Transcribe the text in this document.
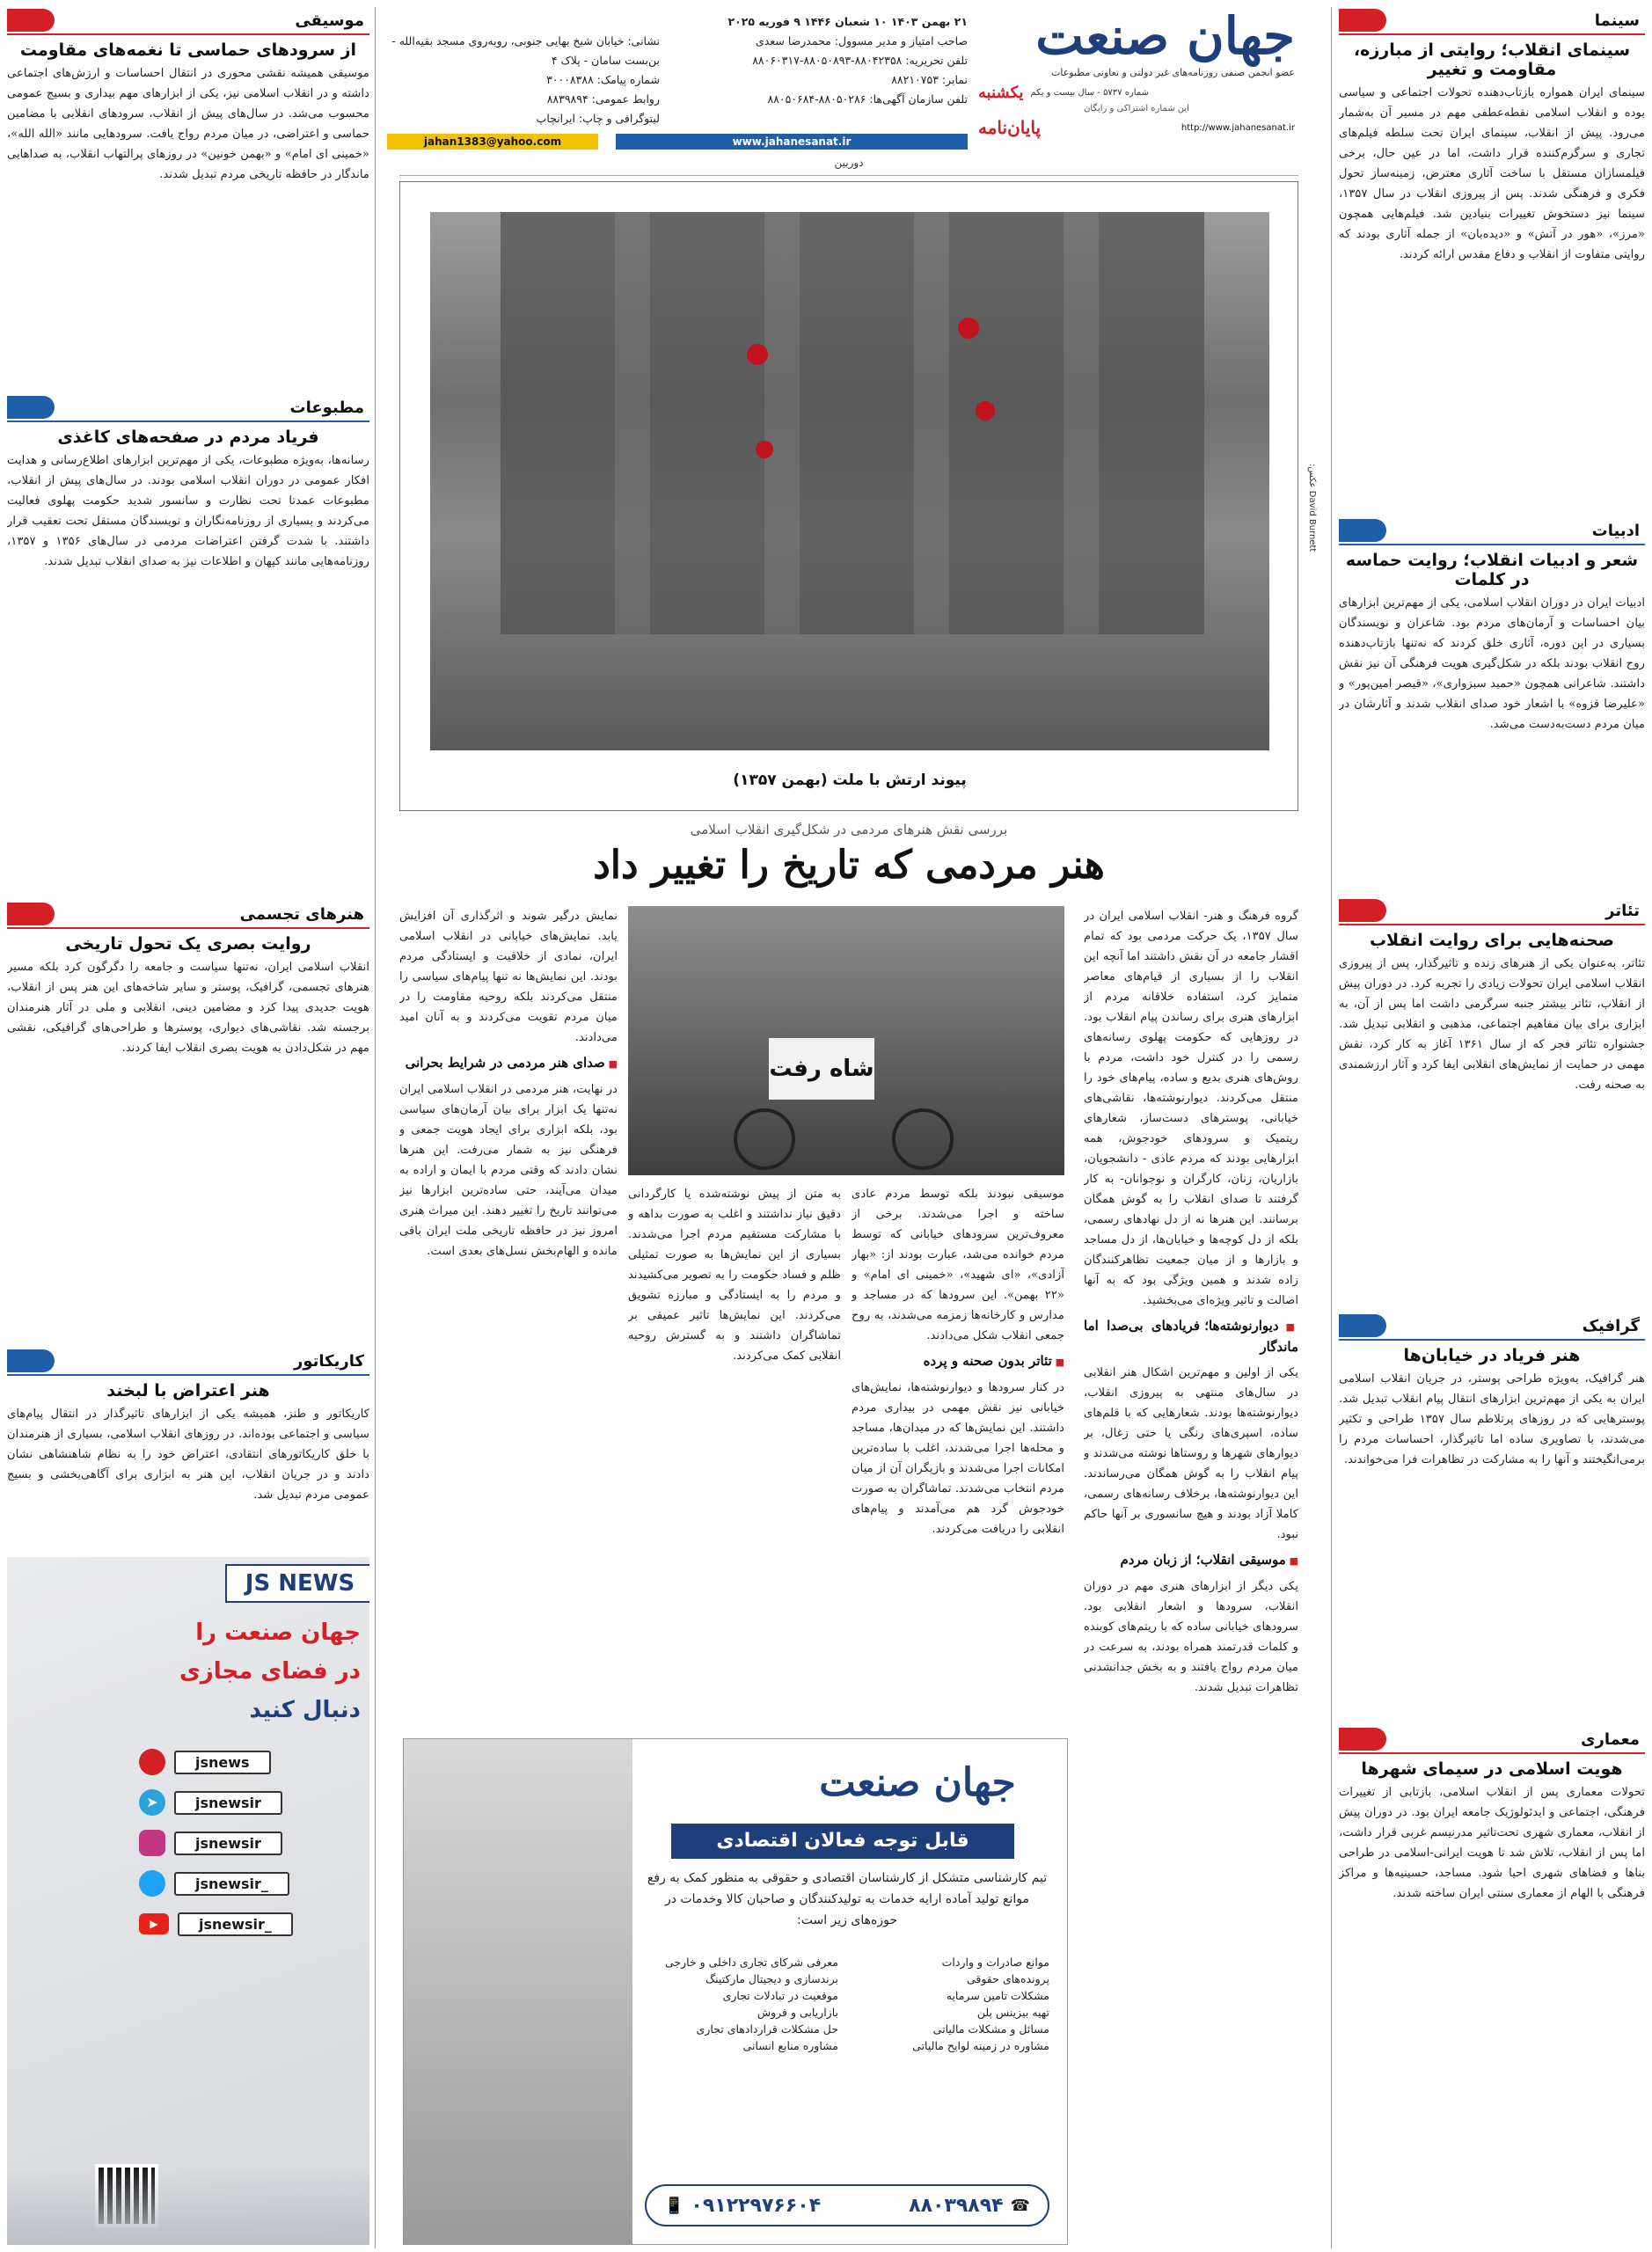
جهان صنعت
عضو انجمن صنفی روزنامه‌های غیر دولتی و تعاونی مطبوعات
شماره ۵۷۳۷ - سال بیست و یکم
یکشنبه
این شماره اشتراکی و رایگان
http://www.jahanesanat.ir
پایان‌نامه
۲۱ بهمن ۱۴۰۳ ۱۰ شعبان ۱۴۴۶ ۹ فوریه ۲۰۲۵
صاحب امتیاز و مدیر مسوول: محمدرضا سعدی
تلفن تحریریه: ۸۸۰۴۲۳۵۸-۸۸۰۵۰۸۹۳-۸۸۰۶۰۳۱۷
نمابر: ۸۸۲۱۰۷۵۳
تلفن سازمان آگهی‌ها: ۸۸۰۵۰۲۸۶-۸۸۰۵۰۶۸۴
نشانی: خیابان شیخ بهایی جنوبی، روبه‌روی مسجد بقیه‌الله - بن‌بست سامان - پلاک ۴
شماره پیامک: ۳۰۰۰۸۳۸۸
روابط عمومی: ۸۸۳۹۸۹۴
لیتوگرافی و چاپ: ایرانچاپ
jahan1383@yahoo.com	www.jahanesanat.ir
سینما
سینمای انقلاب؛ روایتی از مبارزه، مقاومت و تغییر
سینمای ایران همواره بازتاب‌دهنده تحولات اجتماعی و سیاسی بوده و انقلاب اسلامی نقطه‌عطفی مهم در مسیر آن به‌شمار می‌رود. پیش از انقلاب، سینمای ایران تحت سلطه فیلم‌های تجاری و سرگرم‌کننده قرار داشت، اما در عین حال، برخی فیلمسازان مستقل با ساخت آثاری معترض، زمینه‌ساز تحول فکری و فرهنگی شدند. پس از پیروزی انقلاب در سال ۱۳۵۷، سینما نیز دستخوش تغییرات بنیادین شد. فیلم‌هایی همچون «مرز»، «هور در آتش» و «دیده‌بان» از جمله آثاری بودند که روایتی متفاوت از انقلاب و دفاع مقدس ارائه کردند.
ادبیات
شعر و ادبیات انقلاب؛ روایت حماسه در کلمات
ادبیات ایران در دوران انقلاب اسلامی، یکی از مهم‌ترین ابزارهای بیان احساسات و آرمان‌های مردم بود. شاعران و نویسندگان بسیاری در این دوره، آثاری خلق کردند که نه‌تنها بازتاب‌دهنده روح انقلاب بودند بلکه در شکل‌گیری هویت فرهنگی آن نیز نقش داشتند. شاعرانی همچون «حمید سبزواری»، «قیصر امین‌پور» و «علیرضا قزوه» با اشعار خود صدای انقلاب شدند و آثارشان در میان مردم دست‌به‌دست می‌شد.
تئاتر
صحنه‌هایی برای روایت انقلاب
تئاتر، به‌عنوان یکی از هنرهای زنده و تاثیرگذار، پس از پیروزی انقلاب اسلامی ایران تحولات زیادی را تجربه کرد. در دوران پیش از انقلاب، تئاتر بیشتر جنبه سرگرمی داشت اما پس از آن، به ابزاری برای بیان مفاهیم اجتماعی، مذهبی و انقلابی تبدیل شد. جشنواره تئاتر فجر که از سال ۱۳۶۱ آغاز به کار کرد، نقش مهمی در حمایت از نمایش‌های انقلابی ایفا کرد و آثار ارزشمندی به صحنه رفت.
گرافیک
هنر فریاد در خیابان‌ها
هنر گرافیک، به‌ویژه طراحی پوستر، در جریان انقلاب اسلامی ایران به یکی از مهم‌ترین ابزارهای انتقال پیام انقلاب تبدیل شد. پوسترهایی که در روزهای پرتلاطم سال ۱۳۵۷ طراحی و تکثیر می‌شدند، با تصاویری ساده اما تاثیرگذار، احساسات مردم را برمی‌انگیختند و آنها را به مشارکت در تظاهرات فرا می‌خواندند.
معماری
هویت اسلامی در سیمای شهرها
تحولات معماری پس از انقلاب اسلامی، بازتابی از تغییرات فرهنگی، اجتماعی و ایدئولوژیک جامعه ایران بود. در دوران پیش از انقلاب، معماری شهری تحت‌تاثیر مدرنیسم غربی قرار داشت، اما پس از انقلاب، تلاش شد تا هویت ایرانی-اسلامی در طراحی بناها و فضاهای شهری احیا شود. مساجد، حسینیه‌ها و مراکز فرهنگی با الهام از معماری سنتی ایران ساخته شدند.
موسیقی
از سرودهای حماسی تا نغمه‌های مقاومت
موسیقی همیشه نقشی محوری در انتقال احساسات و ارزش‌های اجتماعی داشته و در انقلاب اسلامی نیز، یکی از ابزارهای مهم بیداری و بسیج عمومی محسوب می‌شد. در سال‌های پیش از انقلاب، سرودهای انقلابی با مضامین حماسی و اعتراضی، در میان مردم رواج یافت. سرودهایی مانند «الله الله»، «خمینی ای امام» و «بهمن خونین» در روزهای پرالتهاب انقلاب، به صداهایی ماندگار در حافظه تاریخی مردم تبدیل شدند.
مطبوعات
فریاد مردم در صفحه‌های کاغذی
رسانه‌ها، به‌ویژه مطبوعات، یکی از مهم‌ترین ابزارهای اطلاع‌رسانی و هدایت افکار عمومی در دوران انقلاب اسلامی بودند. در سال‌های پیش از انقلاب، مطبوعات عمدتا تحت نظارت و سانسور شدید حکومت پهلوی فعالیت می‌کردند و بسیاری از روزنامه‌نگاران و نویسندگان مستقل تحت تعقیب قرار داشتند. با شدت گرفتن اعتراضات مردمی در سال‌های ۱۳۵۶ و ۱۳۵۷، روزنامه‌هایی مانند کیهان و اطلاعات نیز به صدای انقلاب تبدیل شدند.
هنرهای تجسمی
روایت بصری یک تحول تاریخی
انقلاب اسلامی ایران، نه‌تنها سیاست و جامعه را دگرگون کرد بلکه مسیر هنرهای تجسمی، گرافیک، پوستر و سایر شاخه‌های این هنر پس از انقلاب، هویت جدیدی پیدا کرد و مضامین دینی، انقلابی و ملی در آثار هنرمندان برجسته شد. نقاشی‌های دیواری، پوسترها و طراحی‌های گرافیکی، نقشی مهم در شکل‌دادن به هویت بصری انقلاب ایفا کردند.
کاریکاتور
هنر اعتراض با لبخند
کاریکاتور و طنز، همیشه یکی از ابزارهای تاثیرگذار در انتقال پیام‌های سیاسی و اجتماعی بوده‌اند. در روزهای انقلاب اسلامی، بسیاری از هنرمندان با خلق کاریکاتورهای انتقادی، اعتراض خود را به نظام شاهنشاهی نشان دادند و در جریان انقلاب، این هنر به ابزاری برای آگاهی‌بخشی و بسیج عمومی مردم تبدیل شد.
JS NEWS
جهان صنعت را
در فضای مجازی
دنبال کنید
jsnews
➤	jsnewsir
jsnewsir
jsnewsir_
▶	jsnewsir_
دوربین
David Burnett عکس:
پیوند ارتش با ملت (بهمن ۱۳۵۷)
بررسی نقش هنرهای مردمی در شکل‌گیری انقلاب اسلامی
هنر مردمی که تاریخ را تغییر داد
گروه فرهنگ و هنر- انقلاب اسلامی ایران در سال ۱۳۵۷، یک حرکت مردمی بود که تمام اقشار جامعه در آن نقش داشتند اما آنچه این انقلاب را از بسیاری از قیام‌های معاصر متمایز کرد، استفاده خلاقانه مردم از ابزارهای هنری برای رساندن پیام انقلاب بود. در روزهایی که حکومت پهلوی رسانه‌های رسمی را در کنترل خود داشت، مردم با روش‌های هنری بدیع و ساده، پیام‌های خود را منتقل می‌کردند. دیوارنوشته‌ها، نقاشی‌های خیابانی، پوسترهای دست‌ساز، شعارهای ریتمیک و سرودهای خودجوش، همه ابزارهایی بودند که مردم عادی - دانشجویان، بازاریان، زنان، کارگران و نوجوانان- به کار گرفتند تا صدای انقلاب را به گوش همگان برسانند. این هنرها نه از دل نهادهای رسمی، بلکه از دل کوچه‌ها و خیابان‌ها، از دل مساجد و بازارها و از میان جمعیت تظاهرکنندگان زاده شدند و همین ویژگی بود که به آنها اصالت و تاثیر ویژه‌ای می‌بخشید.
■ دیوارنوشته‌ها؛ فریادهای بی‌صدا اما ماندگار
یکی از اولین و مهم‌ترین اشکال هنر انقلابی در سال‌های منتهی به پیروزی انقلاب، دیوارنوشته‌ها بودند. شعارهایی که با قلم‌های ساده، اسپری‌های رنگی یا حتی زغال، بر دیوارهای شهرها و روستاها نوشته می‌شدند و پیام انقلاب را به گوش همگان می‌رساندند. این دیوارنوشته‌ها، برخلاف رسانه‌های رسمی، کاملا آزاد بودند و هیچ سانسوری بر آنها حاکم نبود.
■ موسیقی انقلاب؛ از زبان مردم
یکی دیگر از ابزارهای هنری مهم در دوران انقلاب، سرودها و اشعار انقلابی بود. سرودهای خیابانی ساده که با ریتم‌های کوبنده و کلمات قدرتمند همراه بودند، به سرعت در میان مردم رواج یافتند و به بخش جدانشدنی تظاهرات تبدیل شدند.
شاه رفت
موسیقی نبودند بلکه توسط مردم عادی ساخته و اجرا می‌شدند. برخی از معروف‌ترین سرودهای خیابانی که توسط مردم خوانده می‌شد، عبارت بودند از: «بهار آزادی»، «ای شهید»، «خمینی ای امام» و «۲۲ بهمن». این سرودها که در مساجد و مدارس و کارخانه‌ها زمزمه می‌شدند، به روح جمعی انقلاب شکل می‌دادند.
■ تئاتر بدون صحنه و پرده
در کنار سرودها و دیوارنوشته‌ها، نمایش‌های خیابانی نیز نقش مهمی در بیداری مردم داشتند. این نمایش‌ها که در میدان‌ها، مساجد و محله‌ها اجرا می‌شدند، اغلب با ساده‌ترین امکانات اجرا می‌شدند و بازیگران آن از میان مردم انتخاب می‌شدند. تماشاگران به صورت خودجوش گرد هم می‌آمدند و پیام‌های انقلابی را دریافت می‌کردند.
به متن از پیش نوشته‌شده یا کارگردانی دقیق نیاز نداشتند و اغلب به صورت بداهه و با مشارکت مستقیم مردم اجرا می‌شدند. بسیاری از این نمایش‌ها به صورت تمثیلی ظلم و فساد حکومت را به تصویر می‌کشیدند و مردم را به ایستادگی و مبارزه تشویق می‌کردند. این نمایش‌ها تاثیر عمیقی بر تماشاگران داشتند و به گسترش روحیه انقلابی کمک می‌کردند.
نمایش درگیر شوند و اثرگذاری آن افزایش یابد. نمایش‌های خیابانی در انقلاب اسلامی ایران، نمادی از خلاقیت و ایستادگی مردم بودند. این نمایش‌ها نه تنها پیام‌های سیاسی را منتقل می‌کردند بلکه روحیه مقاومت را در میان مردم تقویت می‌کردند و به آنان امید می‌دادند.
■ صدای هنر مردمی در شرایط بحرانی
در نهایت، هنر مردمی در انقلاب اسلامی ایران نه‌تنها یک ابزار برای بیان آرمان‌های سیاسی بود، بلکه ابزاری برای ایجاد هویت جمعی و فرهنگی نیز به شمار می‌رفت. این هنرها نشان دادند که وقتی مردم با ایمان و اراده به میدان می‌آیند، حتی ساده‌ترین ابزارها نیز می‌توانند تاریخ را تغییر دهند. این میراث هنری امروز نیز در حافظه تاریخی ملت ایران باقی مانده و الهام‌بخش نسل‌های بعدی است.
جهان صنعت
قابل توجه فعالان اقتصادی
تیم کارشناسی متشکل از کارشناسان اقتصادی و حقوقی به منظور کمک به رفع موانع تولید آماده ارایه خدمات به تولیدکنندگان و صاحبان کالا وخدمات در حوزه‌های زیر است:
موانع صادرات و واردات
معرفی شرکای تجاری داخلی و خارجی
پرونده‌های حقوقی
برندسازی و دیجیتال مارکتینگ
مشکلات تامین سرمایه
موقعیت در تبادلات تجاری
تهیه بیزینس پلن
بازاریابی و فروش
مسائل و مشکلات مالیاتی
حل مشکلات قراردادهای تجاری
مشاوره در زمینه لوایح مالیاتی
مشاوره منابع انسانی
📱 ۰۹۱۲۲۹۷۶۶۰۴	۸۸۰۳۹۸۹۴ ☎
